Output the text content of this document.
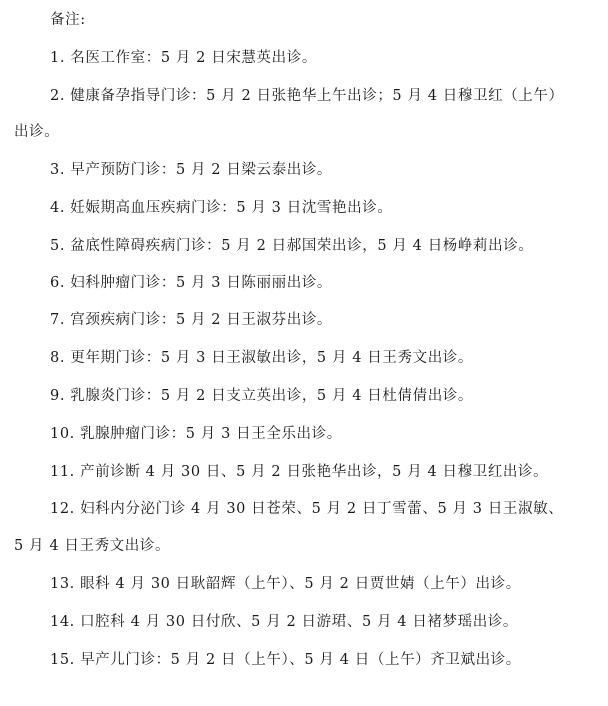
备注:
1. 名医工作室：5 月 2 日宋慧英出诊。
2. 健康备孕指导门诊：5 月 2 日张艳华上午出诊；5 月 4 日穆卫红（上午）
出诊。
3. 早产预防门诊：5 月 2 日梁云泰出诊。
4. 妊娠期高血压疾病门诊：5 月 3 日沈雪艳出诊。
5. 盆底性障碍疾病门诊：5 月 2 日郝国荣出诊，5 月 4 日杨峥莉出诊。
6. 妇科肿瘤门诊：5 月 3 日陈丽丽出诊。
7. 宫颈疾病门诊：5 月 2 日王淑芬出诊。
8. 更年期门诊：5 月 3 日王淑敏出诊，5 月 4 日王秀文出诊。
9. 乳腺炎门诊：5 月 2 日支立英出诊，5 月 4 日杜倩倩出诊。
10. 乳腺肿瘤门诊：5 月 3 日王全乐出诊。
11. 产前诊断 4 月 30 日、5 月 2 日张艳华出诊，5 月 4 日穆卫红出诊。
12. 妇科内分泌门诊 4 月 30 日苍荣、5 月 2 日丁雪蕾、5 月 3 日王淑敏、
5 月 4 日王秀文出诊。
13. 眼科 4 月 30 日耿韶辉（上午）、5 月 2 日贾世婧（上午）出诊。
14. 口腔科 4 月 30 日付欣、5 月 2 日游珺、5 月 4 日褚梦瑶出诊。
15. 早产儿门诊：5 月 2 日（上午）、5 月 4 日（上午）齐卫斌出诊。
